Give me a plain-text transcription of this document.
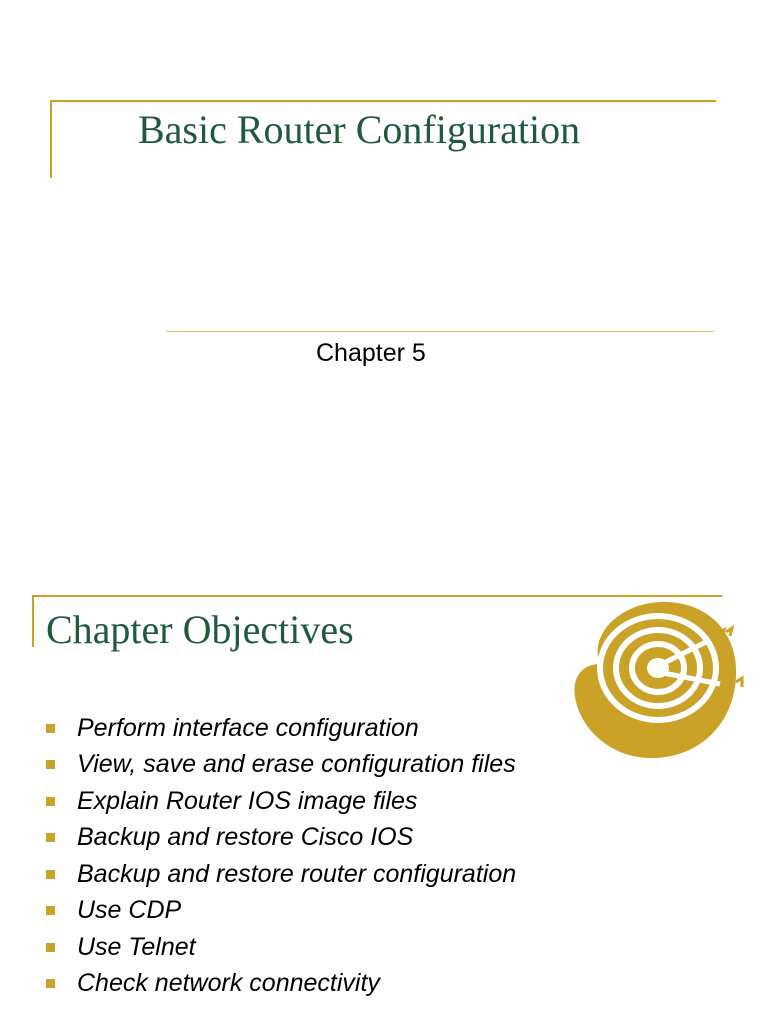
Basic Router Configuration
Chapter 5
Chapter Objectives
Perform interface configuration
View, save and erase configuration files
Explain Router IOS image files
Backup and restore Cisco IOS
Backup and restore router configuration
Use CDP
Use Telnet
Check network connectivity
